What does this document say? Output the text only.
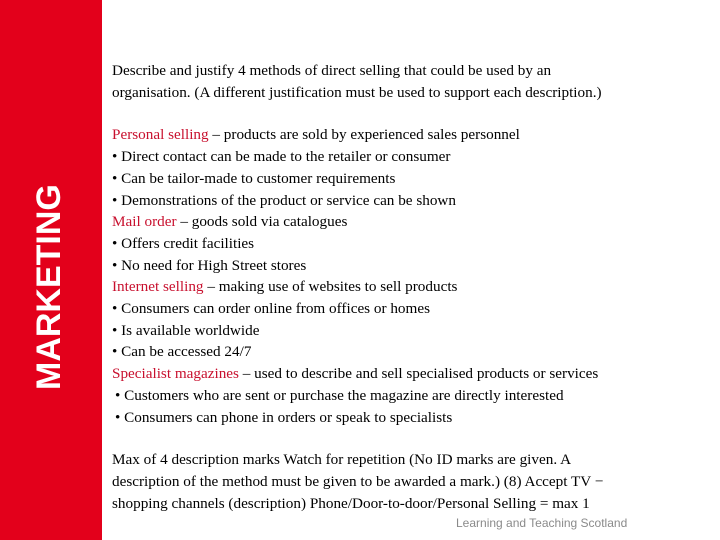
MARKETING
Describe and justify 4 methods of direct selling that could be used by an
organisation. (A different justification must be used to support each description.)
Personal selling – products are sold by experienced sales personnel
• Direct contact can be made to the retailer or consumer
• Can be tailor-made to customer requirements
• Demonstrations of the product or service can be shown
Mail order – goods sold via catalogues
• Offers credit facilities
• No need for High Street stores
Internet selling – making use of websites to sell products
• Consumers can order online from offices or homes
• Is available worldwide
• Can be accessed 24/7
Specialist magazines – used to describe and sell specialised products or services
• Customers who are sent or purchase the magazine are directly interested
• Consumers can phone in orders or speak to specialists
Max of 4 description marks Watch for repetition (No ID marks are given. A
description of the method must be given to be awarded a mark.) (8) Accept TV −
shopping channels (description) Phone/Door-to-door/Personal Selling = max 1
Learning and Teaching Scotland
